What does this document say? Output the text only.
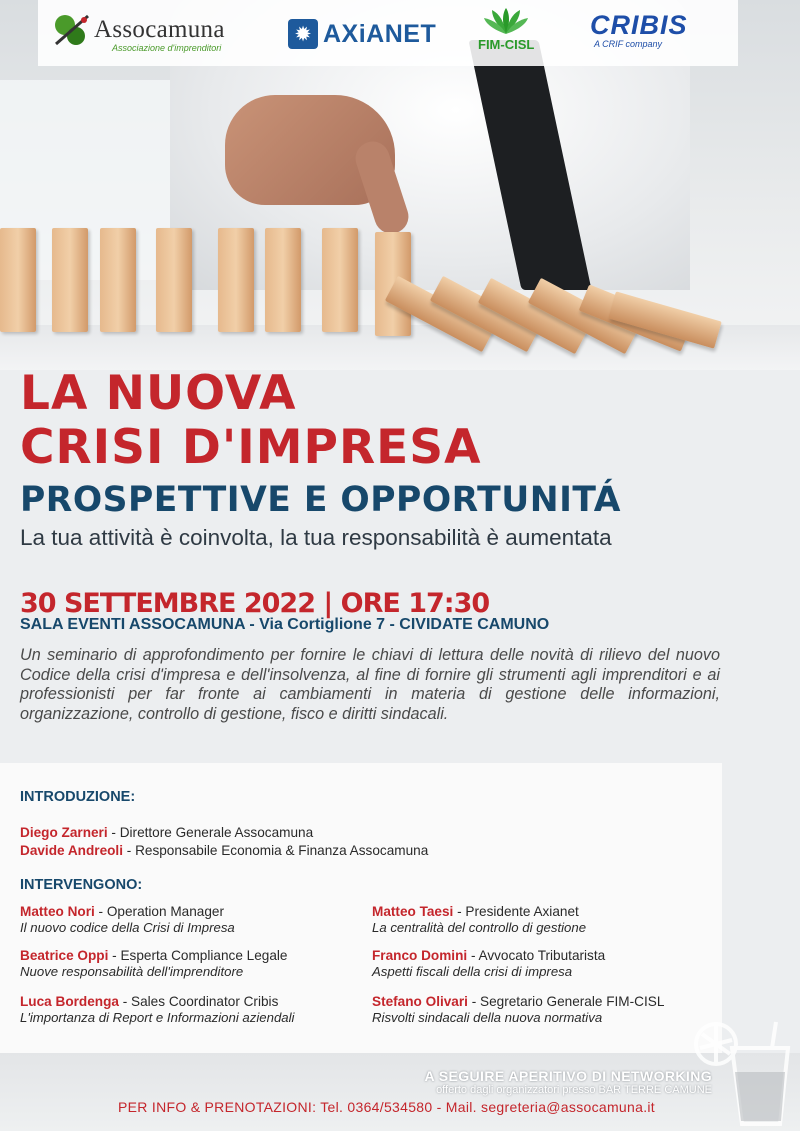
Assocamuna
Associazione d'imprenditori
✹ AXiANET	FIM-CISL
CRIBIS
A CRIF company
LA NUOVA
CRISI D'IMPRESA
PROSPETTIVE E OPPORTUNITÁ
La tua attività è coinvolta, la tua responsabilità è aumentata
30 SETTEMBRE 2022 | ORE 17:30
SALA EVENTI ASSOCAMUNA - Via Cortiglione 7 - CIVIDATE CAMUNO
Un seminario di approfondimento per fornire le chiavi di lettura delle novità di rilievo del nuovo Codice della crisi d'impresa e dell'insolvenza, al fine di fornire gli strumenti agli imprenditori e ai professionisti per far fronte ai cambiamenti in materia di gestione delle informazioni, organizzazione, controllo di gestione, fisco e diritti sindacali.
INTRODUZIONE:
Diego Zarneri - Direttore Generale Assocamuna
Davide Andreoli - Responsabile Economia & Finanza Assocamuna
INTERVENGONO:
Matteo Nori - Operation Manager
Il nuovo codice della Crisi di Impresa
Beatrice Oppi - Esperta Compliance Legale
Nuove responsabilità dell'imprenditore
Luca Bordenga - Sales Coordinator Cribis
L'importanza di Report e Informazioni aziendali
Matteo Taesi - Presidente Axianet
La centralità del controllo di gestione
Franco Domini - Avvocato Tributarista
Aspetti fiscali della crisi di impresa
Stefano Olivari - Segretario Generale FIM-CISL
Risvolti sindacali della nuova normativa
A SEGUIRE APERITIVO DI NETWORKING
offerto dagli organizzatori presso BAR TERRE CAMUNE
PER INFO & PRENOTAZIONI: Tel. 0364/534580 - Mail. segreteria@assocamuna.it
